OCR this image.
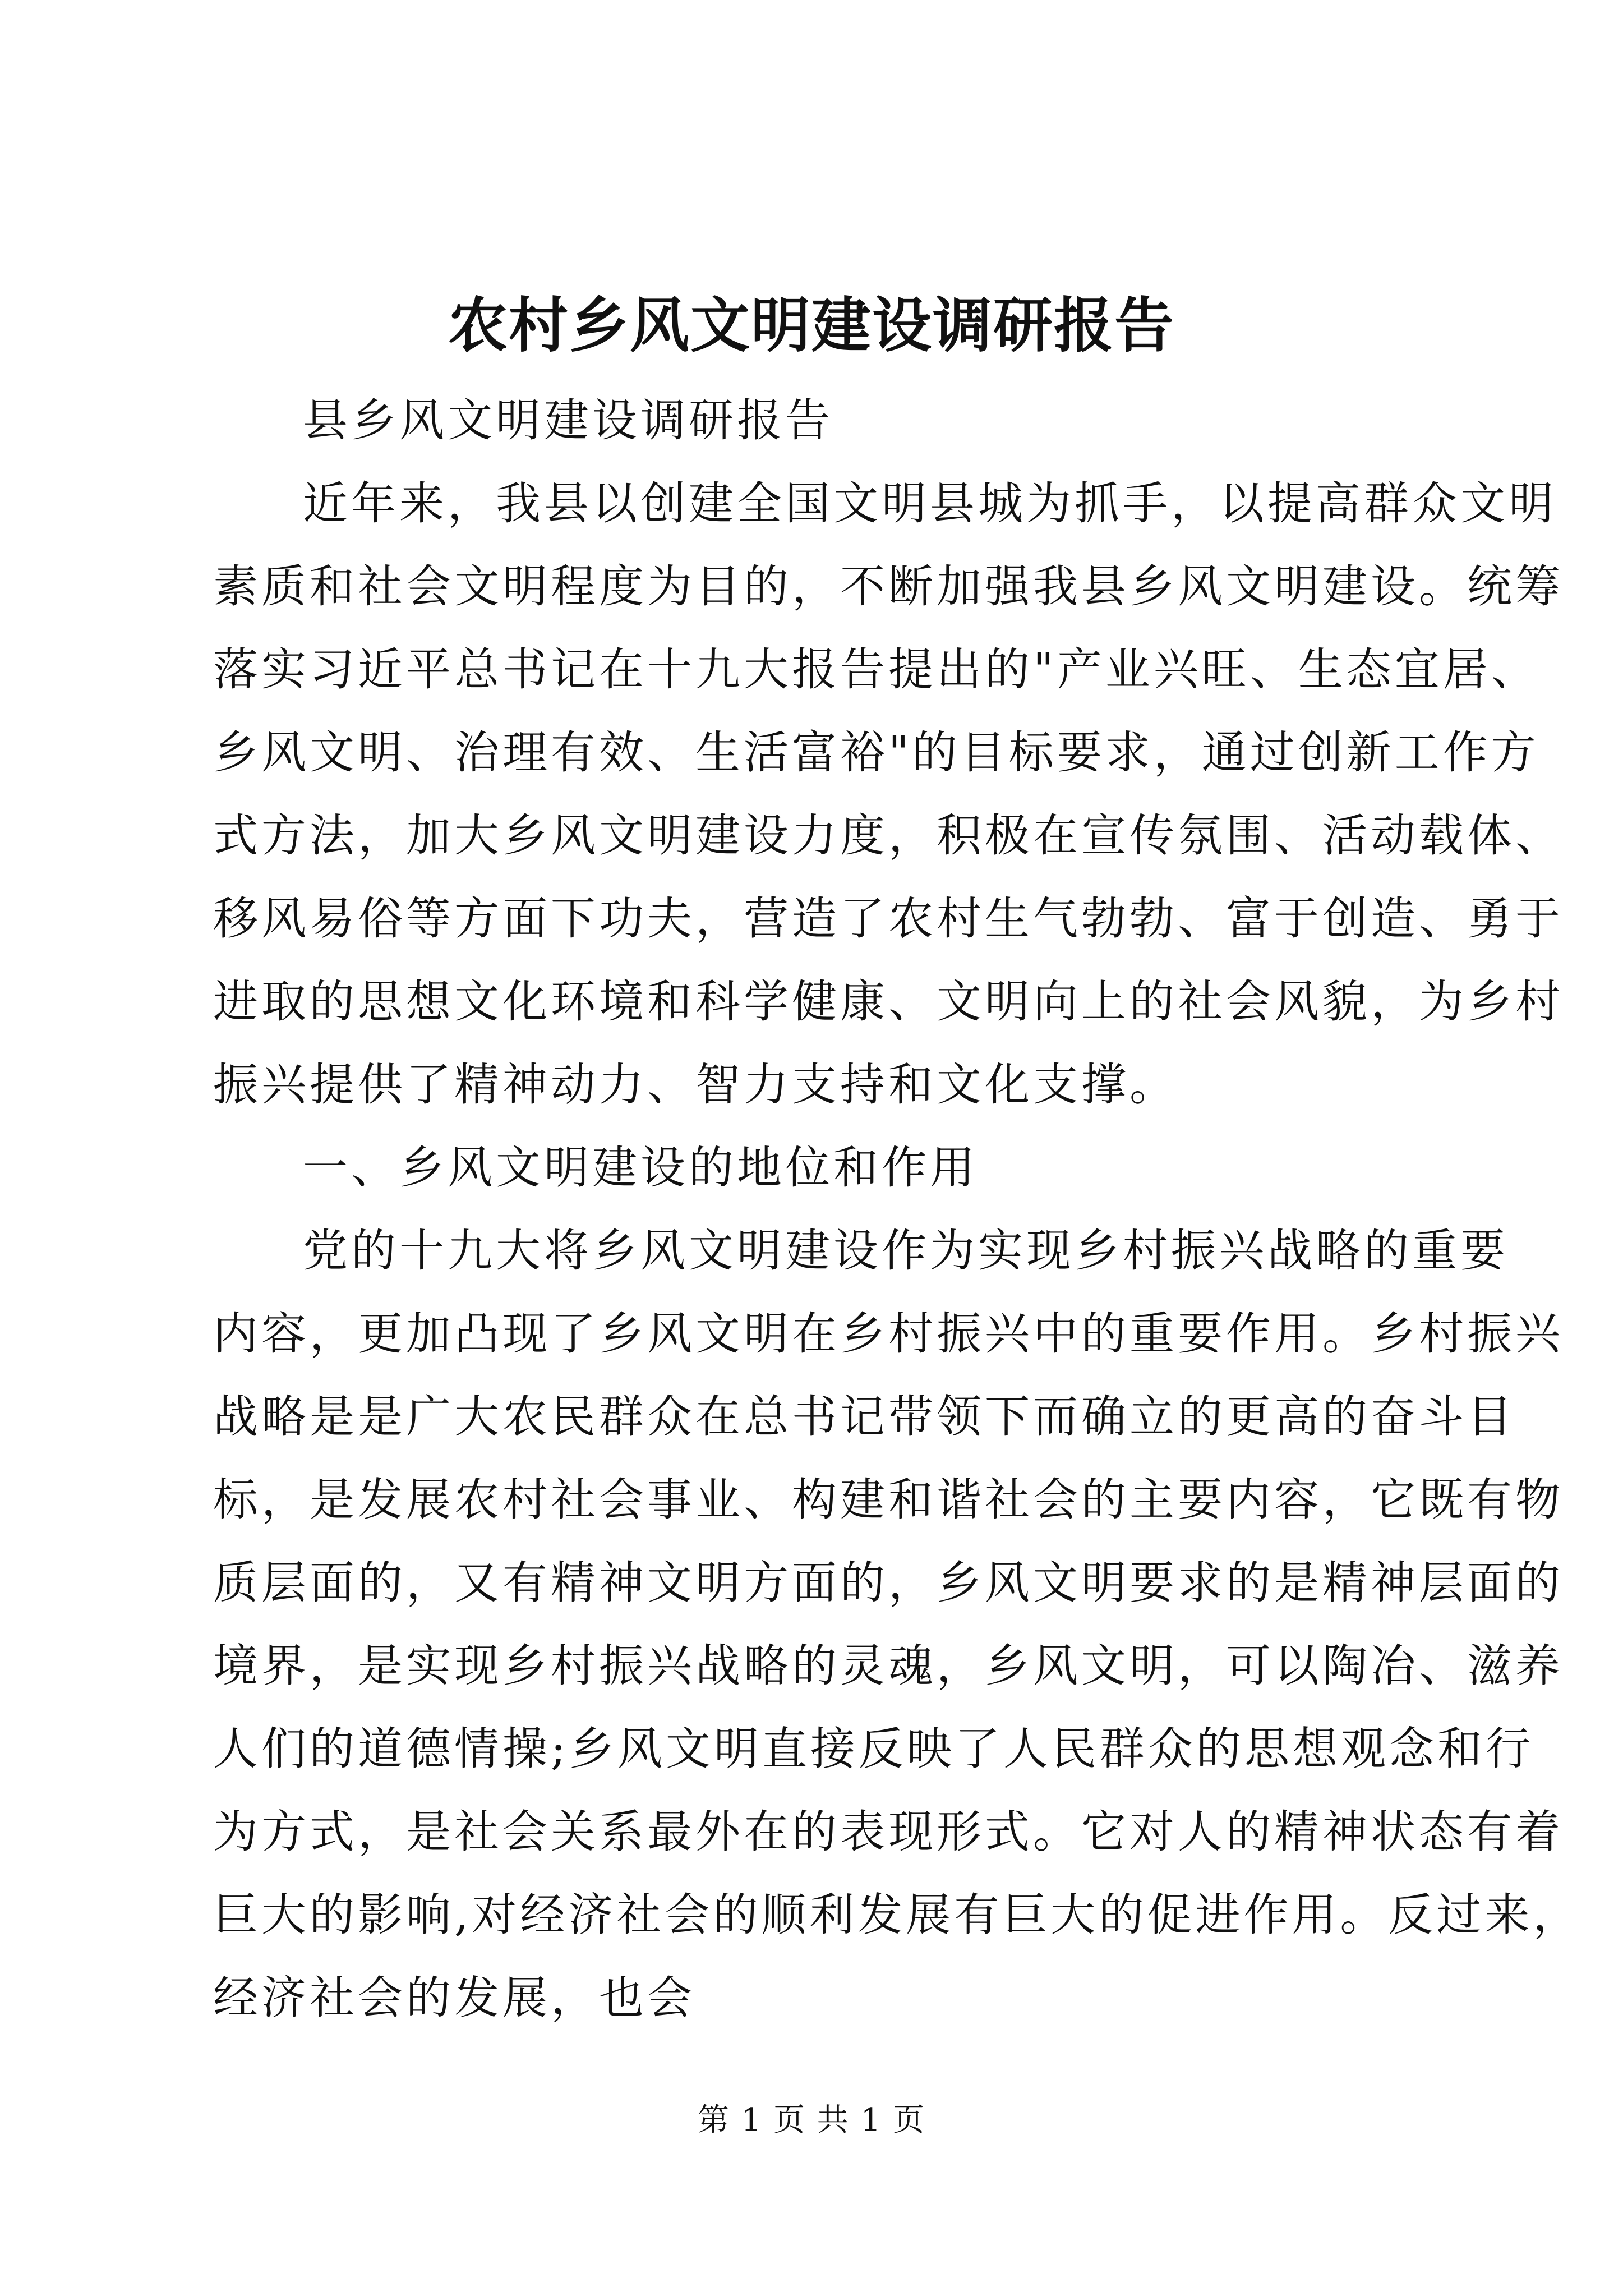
农村乡风文明建设调研报告

县乡风文明建设调研报告

近年来，我县以创建全国文明县城为抓手，以提高群众文明
素质和社会文明程度为目的，不断加强我县乡风文明建设。统筹
落实习近平总书记在十九大报告提出的"产业兴旺、生态宜居、
乡风文明、治理有效、生活富裕"的目标要求，通过创新工作方
式方法，加大乡风文明建设力度，积极在宣传氛围、活动载体、
移风易俗等方面下功夫，营造了农村生气勃勃、富于创造、勇于
进取的思想文化环境和科学健康、文明向上的社会风貌，为乡村
振兴提供了精神动力、智力支持和文化支撑。

一、乡风文明建设的地位和作用

党的十九大将乡风文明建设作为实现乡村振兴战略的重要
内容，更加凸现了乡风文明在乡村振兴中的重要作用。乡村振兴
战略是是广大农民群众在总书记带领下而确立的更高的奋斗目
标，是发展农村社会事业、构建和谐社会的主要内容，它既有物
质层面的，又有精神文明方面的，乡风文明要求的是精神层面的
境界，是实现乡村振兴战略的灵魂，乡风文明，可以陶冶、滋养
人们的道德情操;乡风文明直接反映了人民群众的思想观念和行
为方式，是社会关系最外在的表现形式。它对人的精神状态有着
巨大的影响,对经济社会的顺利发展有巨大的促进作用。反过来，
经济社会的发展，也会

第 1 页 共 1 页
